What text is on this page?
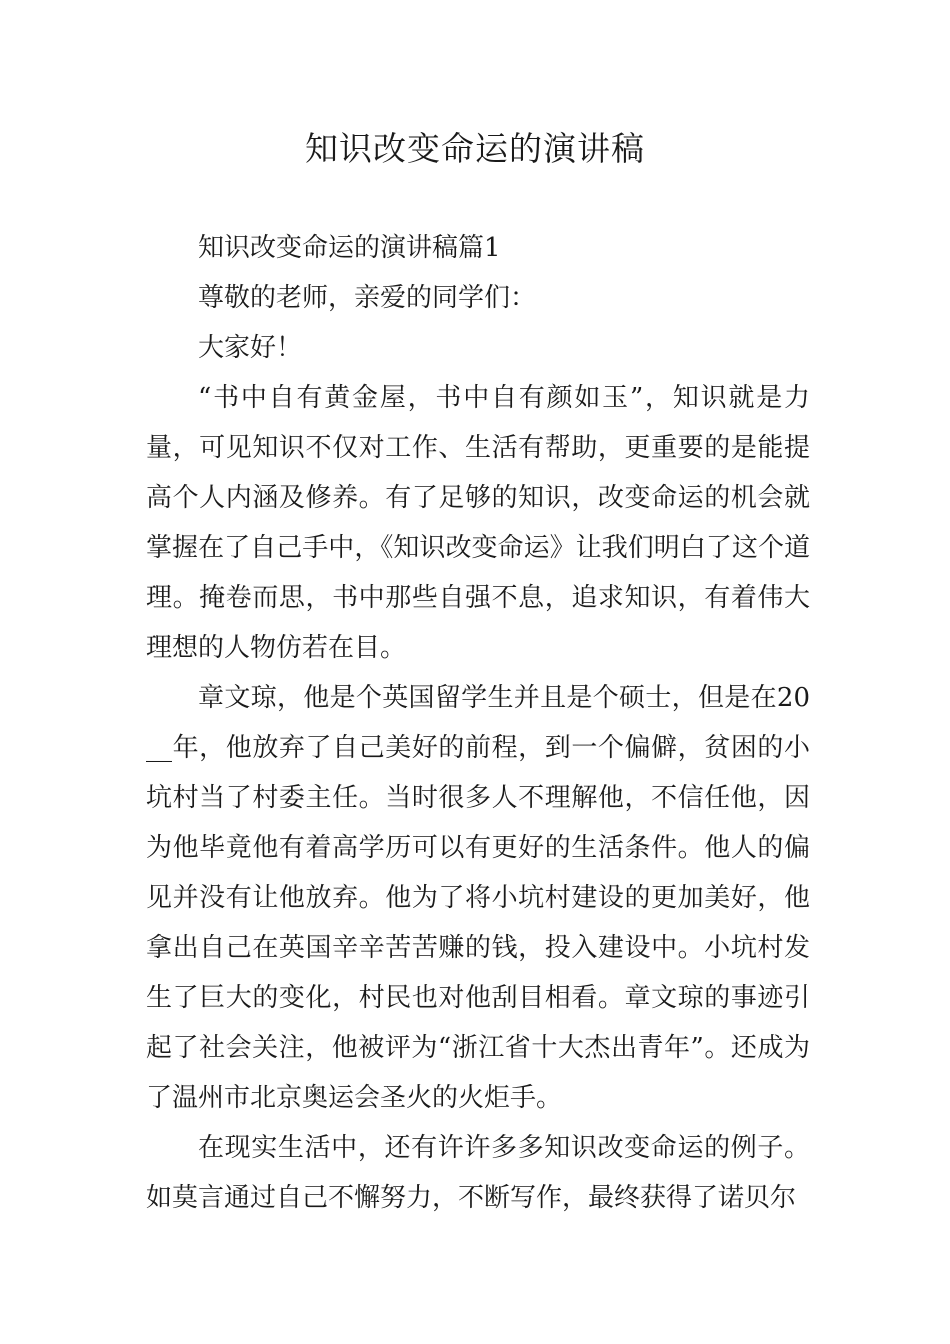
知识改变命运的演讲稿

知识改变命运的演讲稿篇1

尊敬的老师，亲爱的同学们：

大家好！

“书中自有黄金屋，书中自有颜如玉”，知识就是力量，可见知识不仅对工作、生活有帮助，更重要的是能提高个人内涵及修养。有了足够的知识，改变命运的机会就掌握在了自己手中，《知识改变命运》让我们明白了这个道理。掩卷而思，书中那些自强不息，追求知识，有着伟大理想的人物仿若在目。

章文琼，他是个英国留学生并且是个硕士，但是在20__年，他放弃了自己美好的前程，到一个偏僻，贫困的小坑村当了村委主任。当时很多人不理解他，不信任他，因为他毕竟他有着高学历可以有更好的生活条件。他人的偏见并没有让他放弃。他为了将小坑村建设的更加美好，他拿出自己在英国辛辛苦苦赚的钱，投入建设中。小坑村发生了巨大的变化，村民也对他刮目相看。章文琼的事迹引起了社会关注，他被评为“浙江省十大杰出青年”。还成为了温州市北京奥运会圣火的火炬手。

在现实生活中，还有许许多多知识改变命运的例子。如莫言通过自己不懈努力，不断写作，最终获得了诺贝尔
